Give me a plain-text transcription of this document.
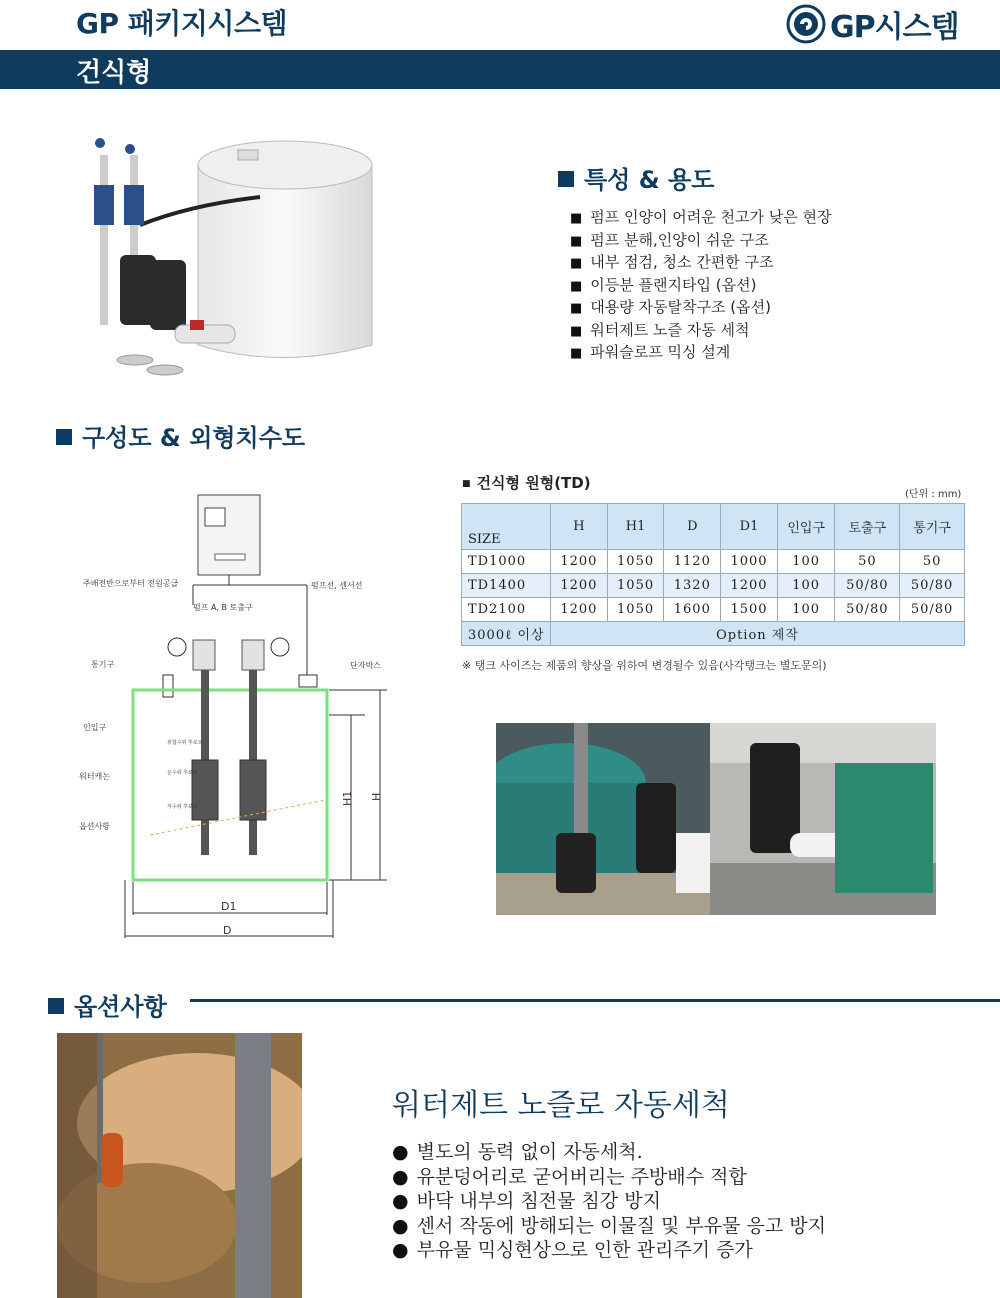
GP 패키지시스템	GP시스템
건식형
특성 & 용도
■ 펌프 인양이 어려운 천고가 낮은 현장
■ 펌프 분해,인양이 쉬운 구조
■ 내부 점검, 청소 간편한 구조
■ 이등분 플랜지타입 (옵션)
■ 대용량 자동탈착구조 (옵션)
■ 워터제트 노즐 자동 세척
■ 파워슬로프 믹싱 설계
구성도 & 외형치수도
주배전반으로부터 전원공급	펌프선, 센서선
펌프 A, B 토출구
단자박스
통기구
인입구
워터캐논
옵션사항
위험수위 후로트
운수위 후로트
저수위 후로트
H1 H
D1
D
■ 건식형 원형(TD)
(단위 : mm)
SIZE	H	H1	D	D1	인입구	토출구	통기구
TD1000	1200	1050	1120	1000	100	50	50
TD1400	1200	1050	1320	1200	100	50/80	50/80
TD2100	1200	1050	1600	1500	100	50/80	50/80
3000ℓ 이상	Option 제작						
※ 탱크 사이즈는 제품의 향상을 위하여 변경될수 있음(사각탱크는 별도문의)
옵션사항
워터제트 노즐로 자동세척
● 별도의 동력 없이 자동세척.
● 유분덩어리로 굳어버리는 주방배수 적합
● 바닥 내부의 침전물 침강 방지
● 센서 작동에 방해되는 이물질 및 부유물 응고 방지
● 부유물 믹싱현상으로 인한 관리주기 증가
